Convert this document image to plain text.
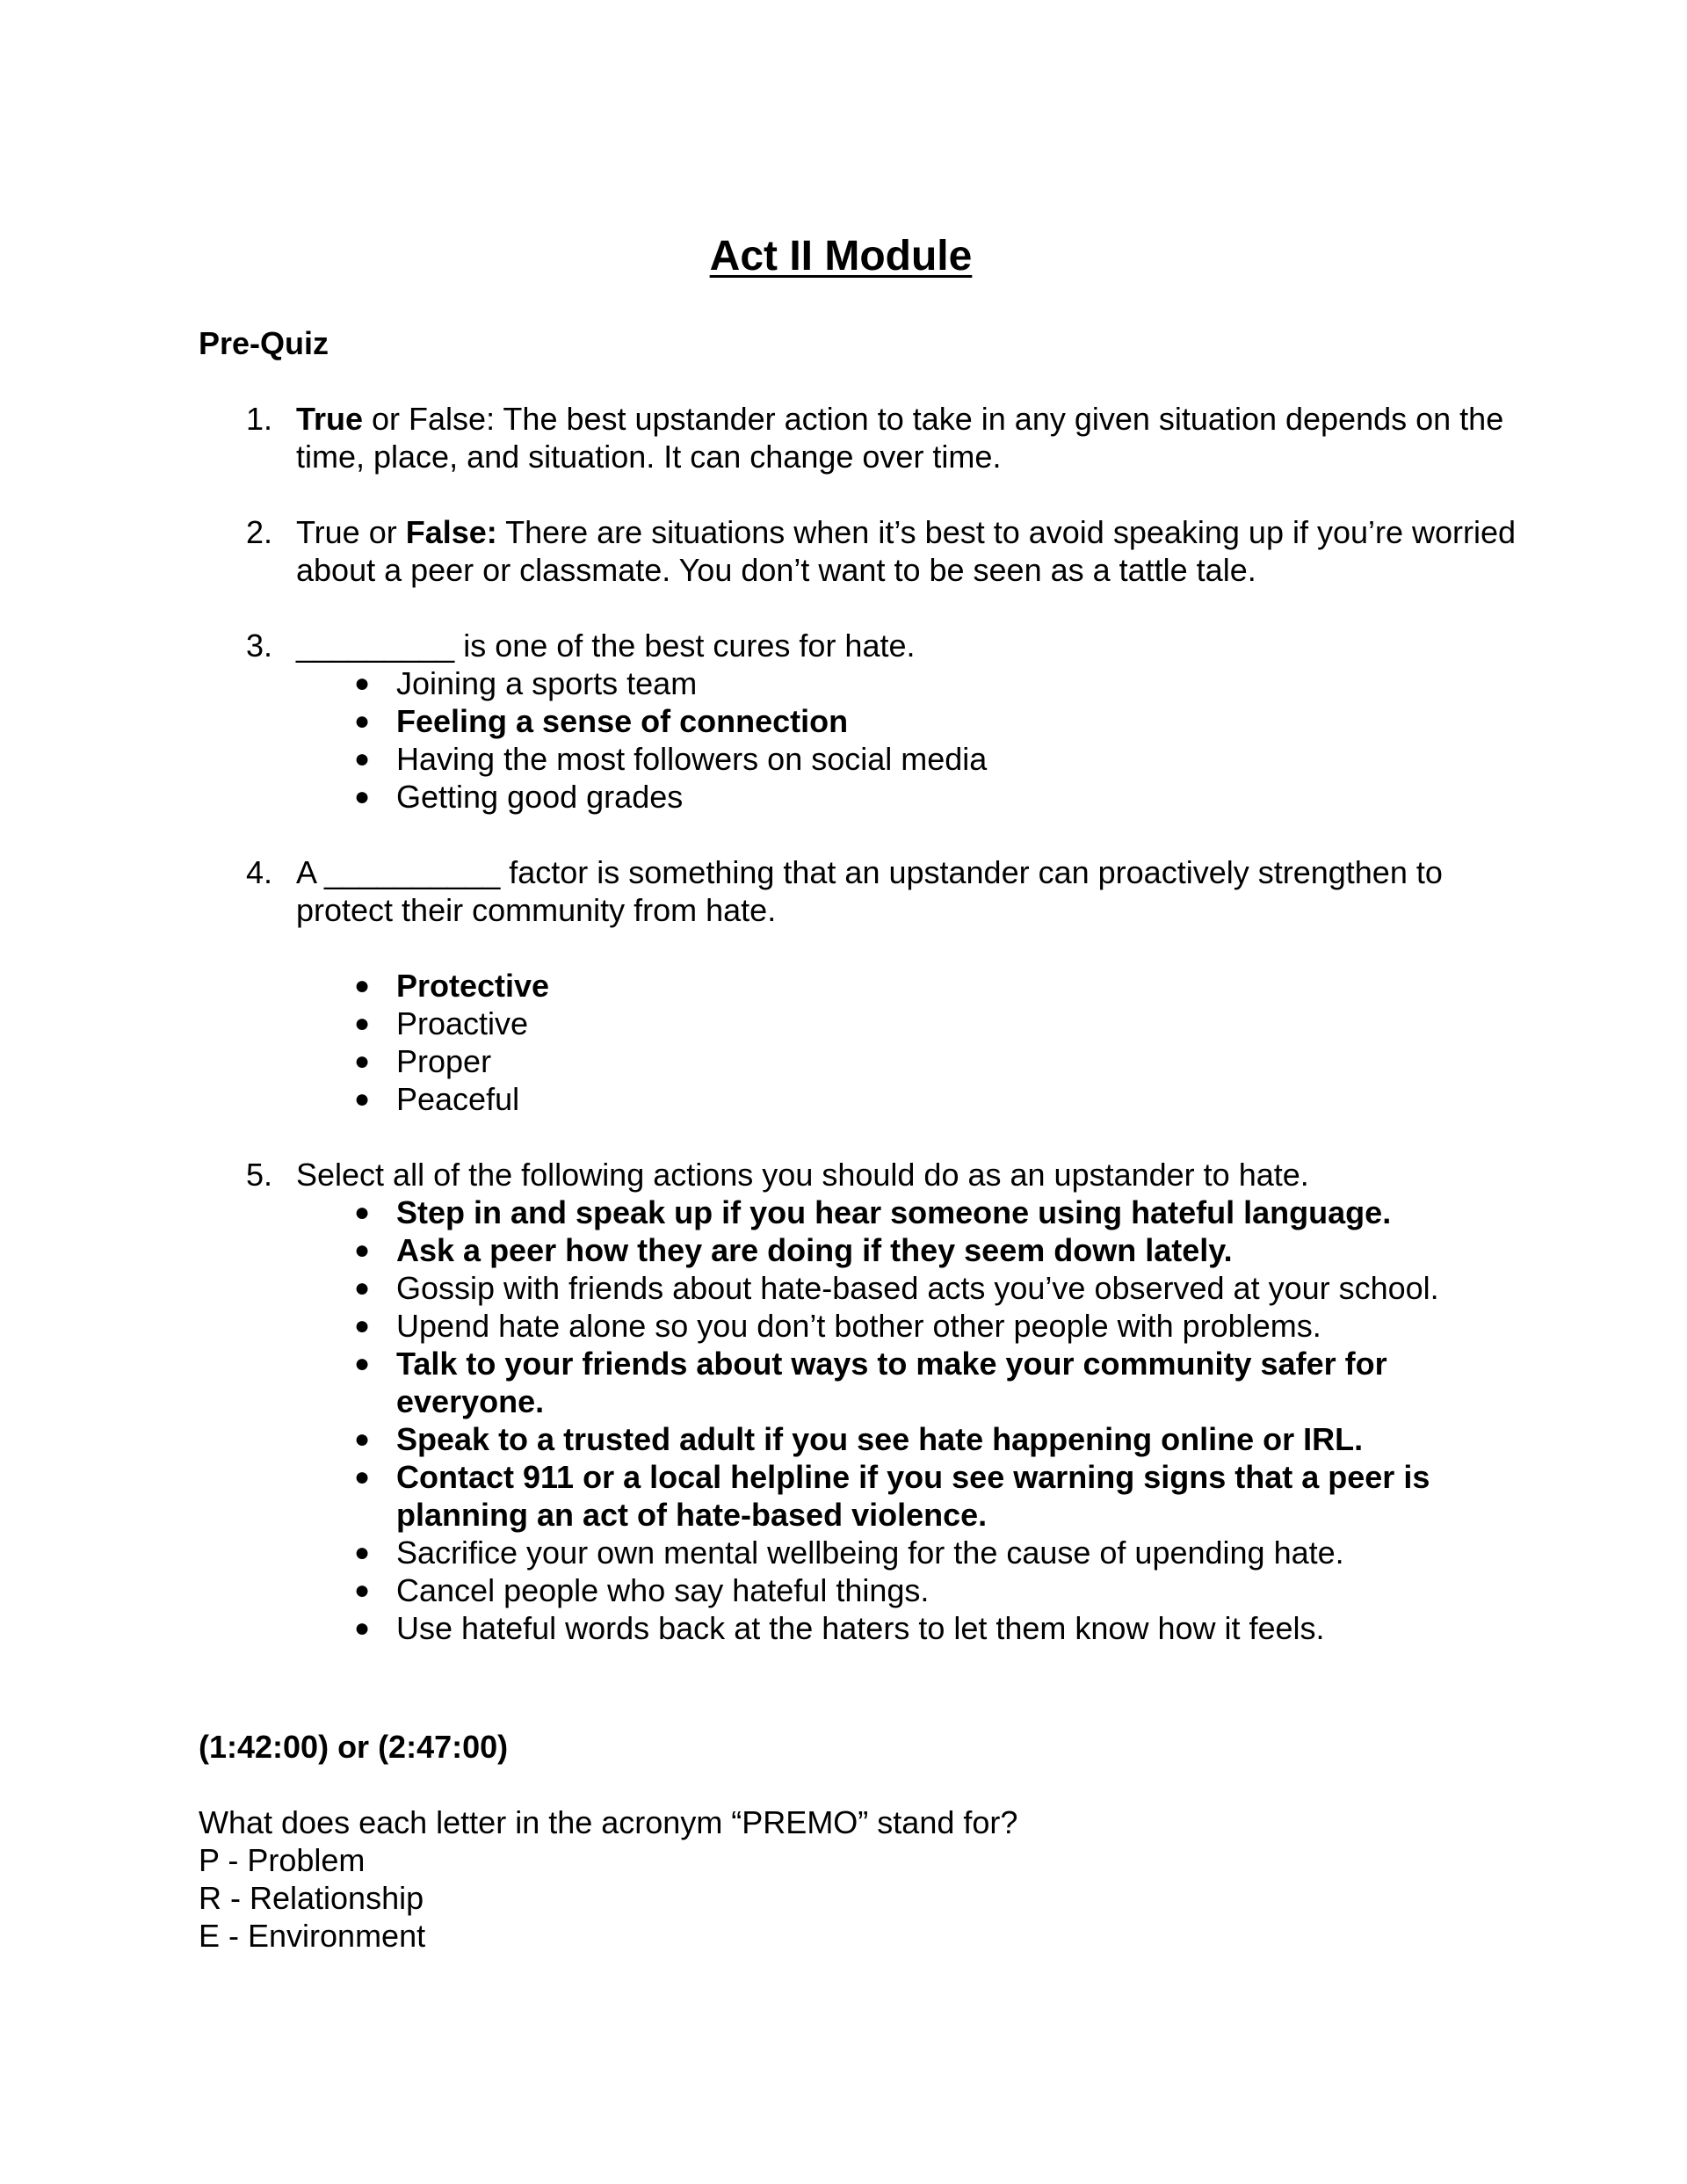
Act II Module
Pre-Quiz
1. True or False: The best upstander action to take in any given situation depends on the time, place, and situation. It can change over time.
2. True or False: There are situations when it’s best to avoid speaking up if you’re worried about a peer or classmate. You don’t want to be seen as a tattle tale.
3. _________ is one of the best cures for hate.
● Joining a sports team
● Feeling a sense of connection
● Having the most followers on social media
● Getting good grades
4. A __________ factor is something that an upstander can proactively strengthen to protect their community from hate.
● Protective
● Proactive
● Proper
● Peaceful
5. Select all of the following actions you should do as an upstander to hate.
● Step in and speak up if you hear someone using hateful language.
● Ask a peer how they are doing if they seem down lately.
● Gossip with friends about hate-based acts you’ve observed at your school.
● Upend hate alone so you don’t bother other people with problems.
● Talk to your friends about ways to make your community safer for everyone.
● Speak to a trusted adult if you see hate happening online or IRL.
● Contact 911 or a local helpline if you see warning signs that a peer is planning an act of hate-based violence.
● Sacrifice your own mental wellbeing for the cause of upending hate.
● Cancel people who say hateful things.
● Use hateful words back at the haters to let them know how it feels.
(1:42:00) or (2:47:00)
What does each letter in the acronym “PREMO” stand for?
P - Problem
R - Relationship
E - Environment
